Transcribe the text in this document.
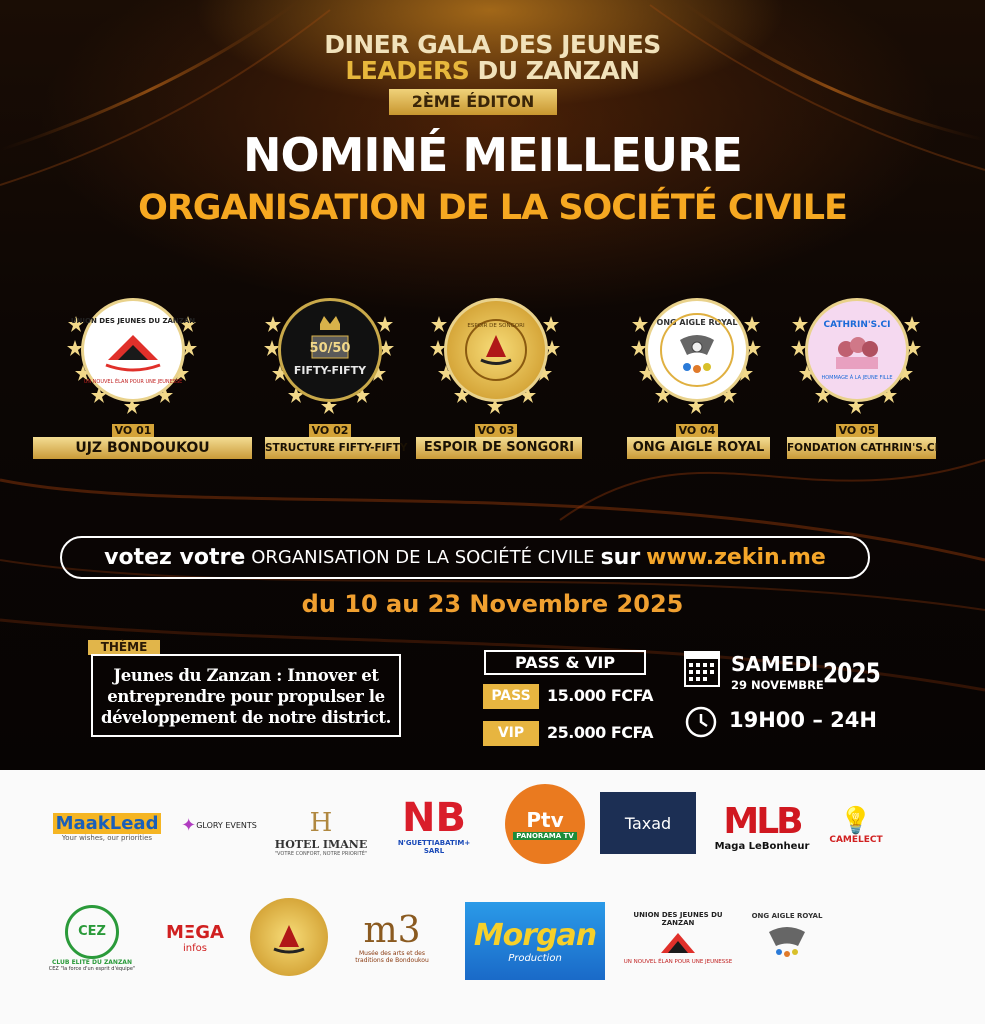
DINER GALA DES JEUNES
LEADERS DU ZANZAN
2ÈME ÉDITON
NOMINÉ MEILLEURE
ORGANISATION DE LA SOCIÉTÉ CIVILE
UNION DES JEUNES DU ZANZAN
UN NOUVEL ÉLAN POUR UNE JEUNESSE
VO 01
UJZ BONDOUKOU
50/50
FIFTY-FIFTY
VO 02
STRUCTURE FIFTY-FIFTY
ESPOIR DE SONGORI
VO 03
ESPOIR DE SONGORI
ONG AIGLE ROYAL
VO 04
ONG AIGLE ROYAL
CATHRIN'S.CI
HOMMAGE À LA JEUNE FILLE
VO 05
FONDATION CATHRIN'S.CI
votez votre ORGANISATION DE LA SOCIÉTÉ CIVILE sur www.zekin.me
du 10 au 23 Novembre 2025
THÈME
Jeunes du Zanzan : Innover et entreprendre pour propulser le développement de notre district.
PASS & VIP
PASS	15.000 FCFA
VIP	25.000 FCFA
SAMEDI
29 NOVEMBRE 2025
19H00 – 24H
MaakLead
Your wishes, our priorities
✦ GLORY EVENTS H
HOTEL IMANE
"VOTRE CONFORT, NOTRE PRIORITÉ"
NB
N'GUETTIABATIM+ SARL
Ptv
PANORAMA TV
Taxad MLB
Maga LeBonheur
💡
CAMELECT
CEZ
CLUB ELITE DU ZANZAN
CEZ "la force d'un esprit d'équipe"
MΞGA
infos	m3
Musée des arts et des traditions de Bondoukou
Morgan
Production
UNION DES JEUNES DU ZANZAN
UN NOUVEL ÉLAN POUR UNE JEUNESSE
ONG AIGLE ROYAL
